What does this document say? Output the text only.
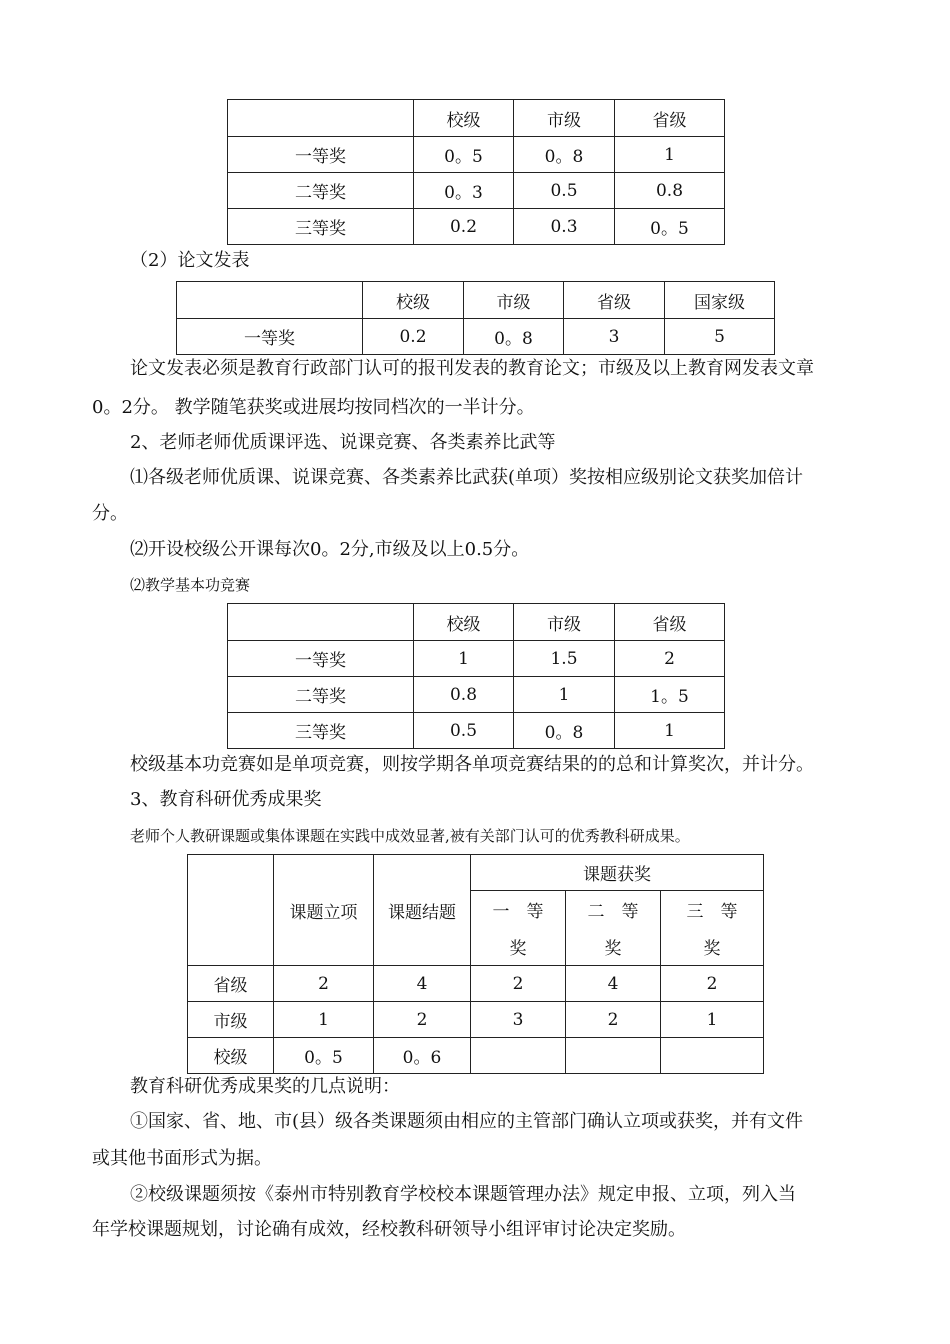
	校级	市级	省级
一等奖	0。5	0。8	1
二等奖	0。3	0.5	0.8
三等奖	0.2	0.3	0。5
（2）论文发表
	校级	市级	省级	国家级
一等奖	0.2	0。8	3	5
论文发表必须是教育行政部门认可的报刊发表的教育论文；市级及以上教育网发表文章
0。2分。 教学随笔获奖或进展均按同档次的一半计分。
2、老师老师优质课评选、说课竞赛、各类素养比武等
⑴各级老师优质课、说课竞赛、各类素养比武获(单项）奖按相应级别论文获奖加倍计
分。
⑵开设校级公开课每次0。2分,市级及以上0.5分。
⑵教学基本功竞赛
	校级	市级	省级
一等奖	1	1.5	2
二等奖	0.8	1	1。5
三等奖	0.5	0。8	1
校级基本功竞赛如是单项竞赛，则按学期各单项竞赛结果的的总和计算奖次，并计分。
3、教育科研优秀成果奖
老师个人教研课题或集体课题在实践中成效显著,被有关部门认可的优秀教科研成果。
	课题立项	课题结题	课题获奖		
			一　等	二　等	三　等
			奖	奖	奖
省级	2	4	2	4	2
市级	1	2	3	2	1
校级	0。5	0。6			
教育科研优秀成果奖的几点说明：
①国家、省、地、市(县）级各类课题须由相应的主管部门确认立项或获奖，并有文件
或其他书面形式为据。
②校级课题须按《泰州市特别教育学校校本课题管理办法》规定申报、立项，列入当
年学校课题规划，讨论确有成效，经校教科研领导小组评审讨论决定奖励。
